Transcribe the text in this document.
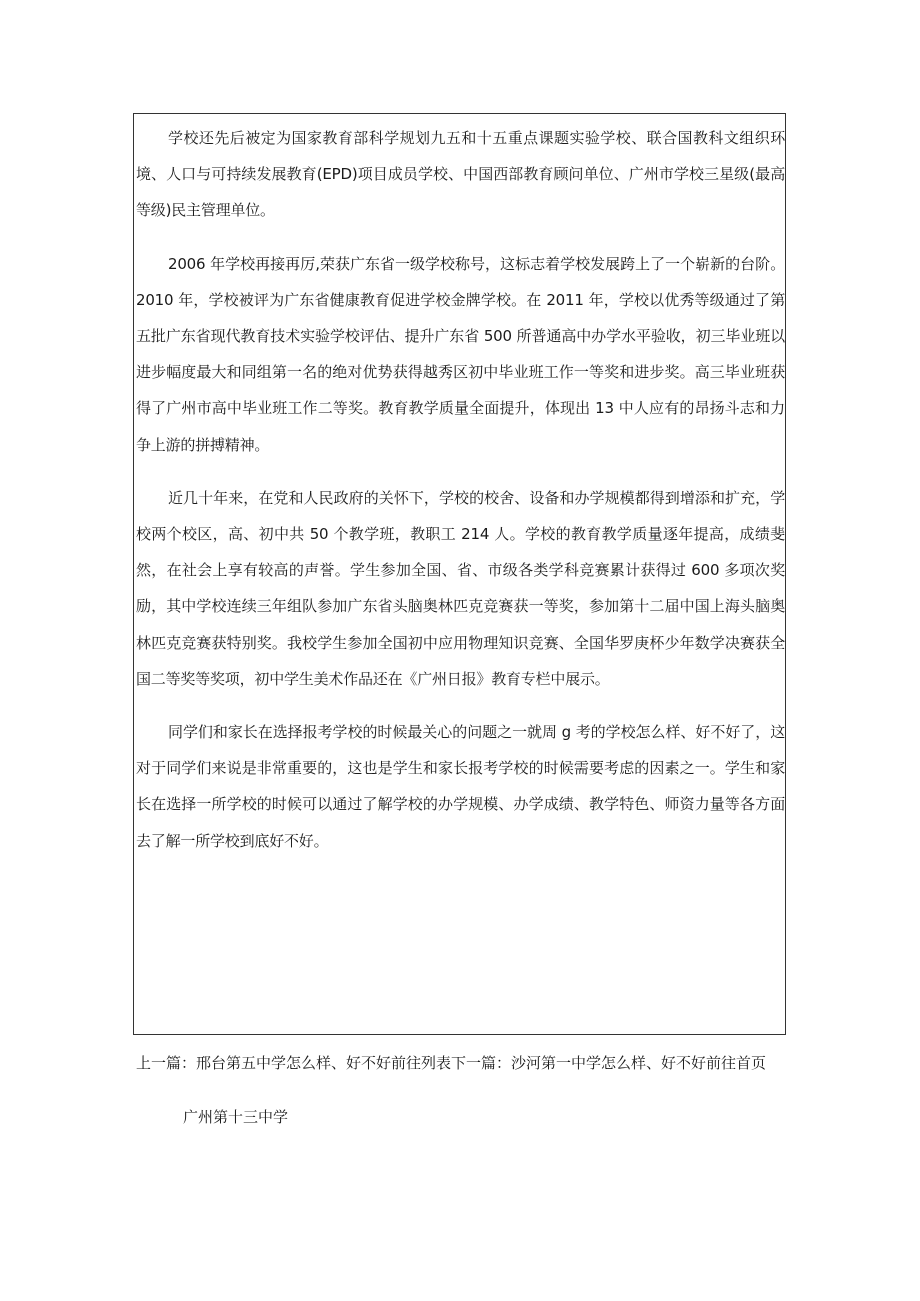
学校还先后被定为国家教育部科学规划九五和十五重点课题实验学校、联合国教科文组织环境、人口与可持续发展教育(EPD)项目成员学校、中国西部教育顾问单位、广州市学校三星级(最高等级)民主管理单位。

2006 年学校再接再厉,荣获广东省一级学校称号，这标志着学校发展跨上了一个崭新的台阶。2010 年，学校被评为广东省健康教育促进学校金牌学校。在 2011 年，学校以优秀等级通过了第五批广东省现代教育技术实验学校评估、提升广东省 500 所普通高中办学水平验收，初三毕业班以进步幅度最大和同组第一名的绝对优势获得越秀区初中毕业班工作一等奖和进步奖。高三毕业班获得了广州市高中毕业班工作二等奖。教育教学质量全面提升，体现出 13 中人应有的昂扬斗志和力争上游的拼搏精神。

近几十年来，在党和人民政府的关怀下，学校的校舍、设备和办学规模都得到增添和扩充，学校两个校区，高、初中共 50 个教学班，教职工 214 人。学校的教育教学质量逐年提高，成绩斐然，在社会上享有较高的声誉。学生参加全国、省、市级各类学科竞赛累计获得过 600 多项次奖励，其中学校连续三年组队参加广东省头脑奥林匹克竞赛获一等奖，参加第十二届中国上海头脑奥林匹克竞赛获特别奖。我校学生参加全国初中应用物理知识竞赛、全国华罗庚杯少年数学决赛获全国二等奖等奖项，初中学生美术作品还在《广州日报》教育专栏中展示。

同学们和家长在选择报考学校的时候最关心的问题之一就周 g 考的学校怎么样、好不好了，这对于同学们来说是非常重要的，这也是学生和家长报考学校的时候需要考虑的因素之一。学生和家长在选择一所学校的时候可以通过了解学校的办学规模、办学成绩、教学特色、师资力量等各方面去了解一所学校到底好不好。

上一篇：邢台第五中学怎么样、好不好前往列表下一篇：沙河第一中学怎么样、好不好前往首页
广州第十三中学
